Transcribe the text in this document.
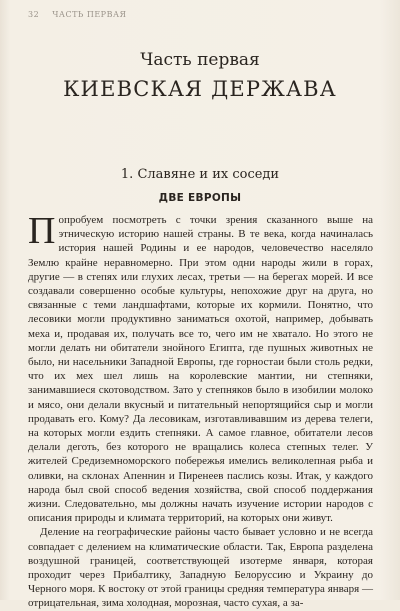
32 ЧАСТЬ ПЕРВАЯ
Часть первая
КИЕВСКАЯ ДЕРЖАВА
1. Славяне и их соседи
ДВЕ ЕВРОПЫ

Попробуем посмотреть с точки зрения сказанного выше на этническую историю нашей страны. В те века, когда начиналась история нашей Родины и ее народов, человечество населяло Землю крайне неравномерно. При этом одни народы жили в горах, другие — в степях или глухих лесах, третьи — на берегах морей. И все создавали совершенно особые культуры, непохожие друг на друга, но связанные с теми ландшафтами, которые их кормили. Понятно, что лесовики могли продуктивно заниматься охотой, например, добывать меха и, продавая их, получать все то, чего им не хватало. Но этого не могли делать ни обитатели знойного Египта, где пушных животных не было, ни насельники Западной Европы, где горностаи были столь редки, что их мех шел лишь на королевские мантии, ни степняки, занимавшиеся скотоводством. Зато у степняков было в изобилии молоко и мясо, они делали вкусный и питательный непортящийся сыр и могли продавать его. Кому? Да лесовикам, изготавливавшим из дерева телеги, на которых могли ездить степняки. А самое главное, обитатели лесов делали деготь, без которого не вращались колеса степных телег. У жителей Средиземноморского побережья имелись великолепная рыба и оливки, на склонах Апеннин и Пиренеев паслись козы. Итак, у каждого народа был свой способ ведения хозяйства, свой способ поддержания жизни. Следовательно, мы должны начать изучение истории народов с описания природы и климата территорий, на которых они живут.

Деление на географические районы часто бывает условно и не всегда совпадает с делением на климатические области. Так, Европа разделена воздушной границей, соответствующей изотерме января, которая проходит через Прибалтику, Западную Белоруссию и Украину до Черного моря. К востоку от этой границы средняя температура января — отрицательная, зима холодная, морозная, часто сухая, а за-
